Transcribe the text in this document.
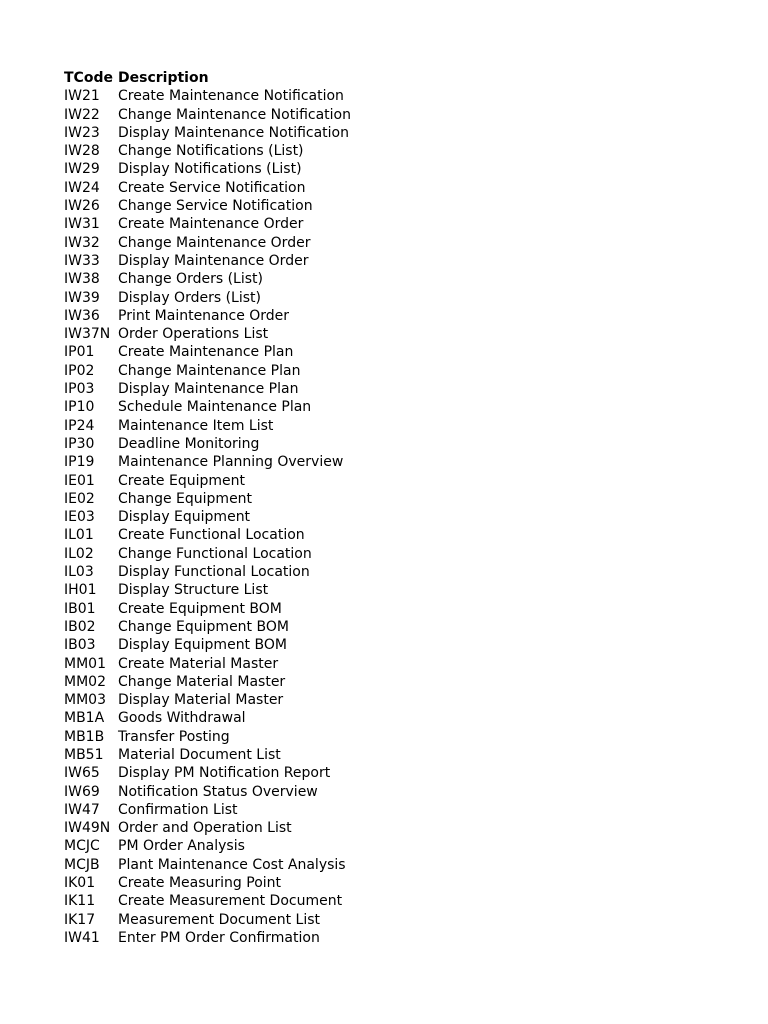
TCode	Description
IW21	Create Maintenance Notification
IW22	Change Maintenance Notification
IW23	Display Maintenance Notification
IW28	Change Notifications (List)
IW29	Display Notifications (List)
IW24	Create Service Notification
IW26	Change Service Notification
IW31	Create Maintenance Order
IW32	Change Maintenance Order
IW33	Display Maintenance Order
IW38	Change Orders (List)
IW39	Display Orders (List)
IW36	Print Maintenance Order
IW37N	Order Operations List
IP01	Create Maintenance Plan
IP02	Change Maintenance Plan
IP03	Display Maintenance Plan
IP10	Schedule Maintenance Plan
IP24	Maintenance Item List
IP30	Deadline Monitoring
IP19	Maintenance Planning Overview
IE01	Create Equipment
IE02	Change Equipment
IE03	Display Equipment
IL01	Create Functional Location
IL02	Change Functional Location
IL03	Display Functional Location
IH01	Display Structure List
IB01	Create Equipment BOM
IB02	Change Equipment BOM
IB03	Display Equipment BOM
MM01	Create Material Master
MM02	Change Material Master
MM03	Display Material Master
MB1A	Goods Withdrawal
MB1B	Transfer Posting
MB51	Material Document List
IW65	Display PM Notification Report
IW69	Notification Status Overview
IW47	Confirmation List
IW49N	Order and Operation List
MCJC	PM Order Analysis
MCJB	Plant Maintenance Cost Analysis
IK01	Create Measuring Point
IK11	Create Measurement Document
IK17	Measurement Document List
IW41	Enter PM Order Confirmation
